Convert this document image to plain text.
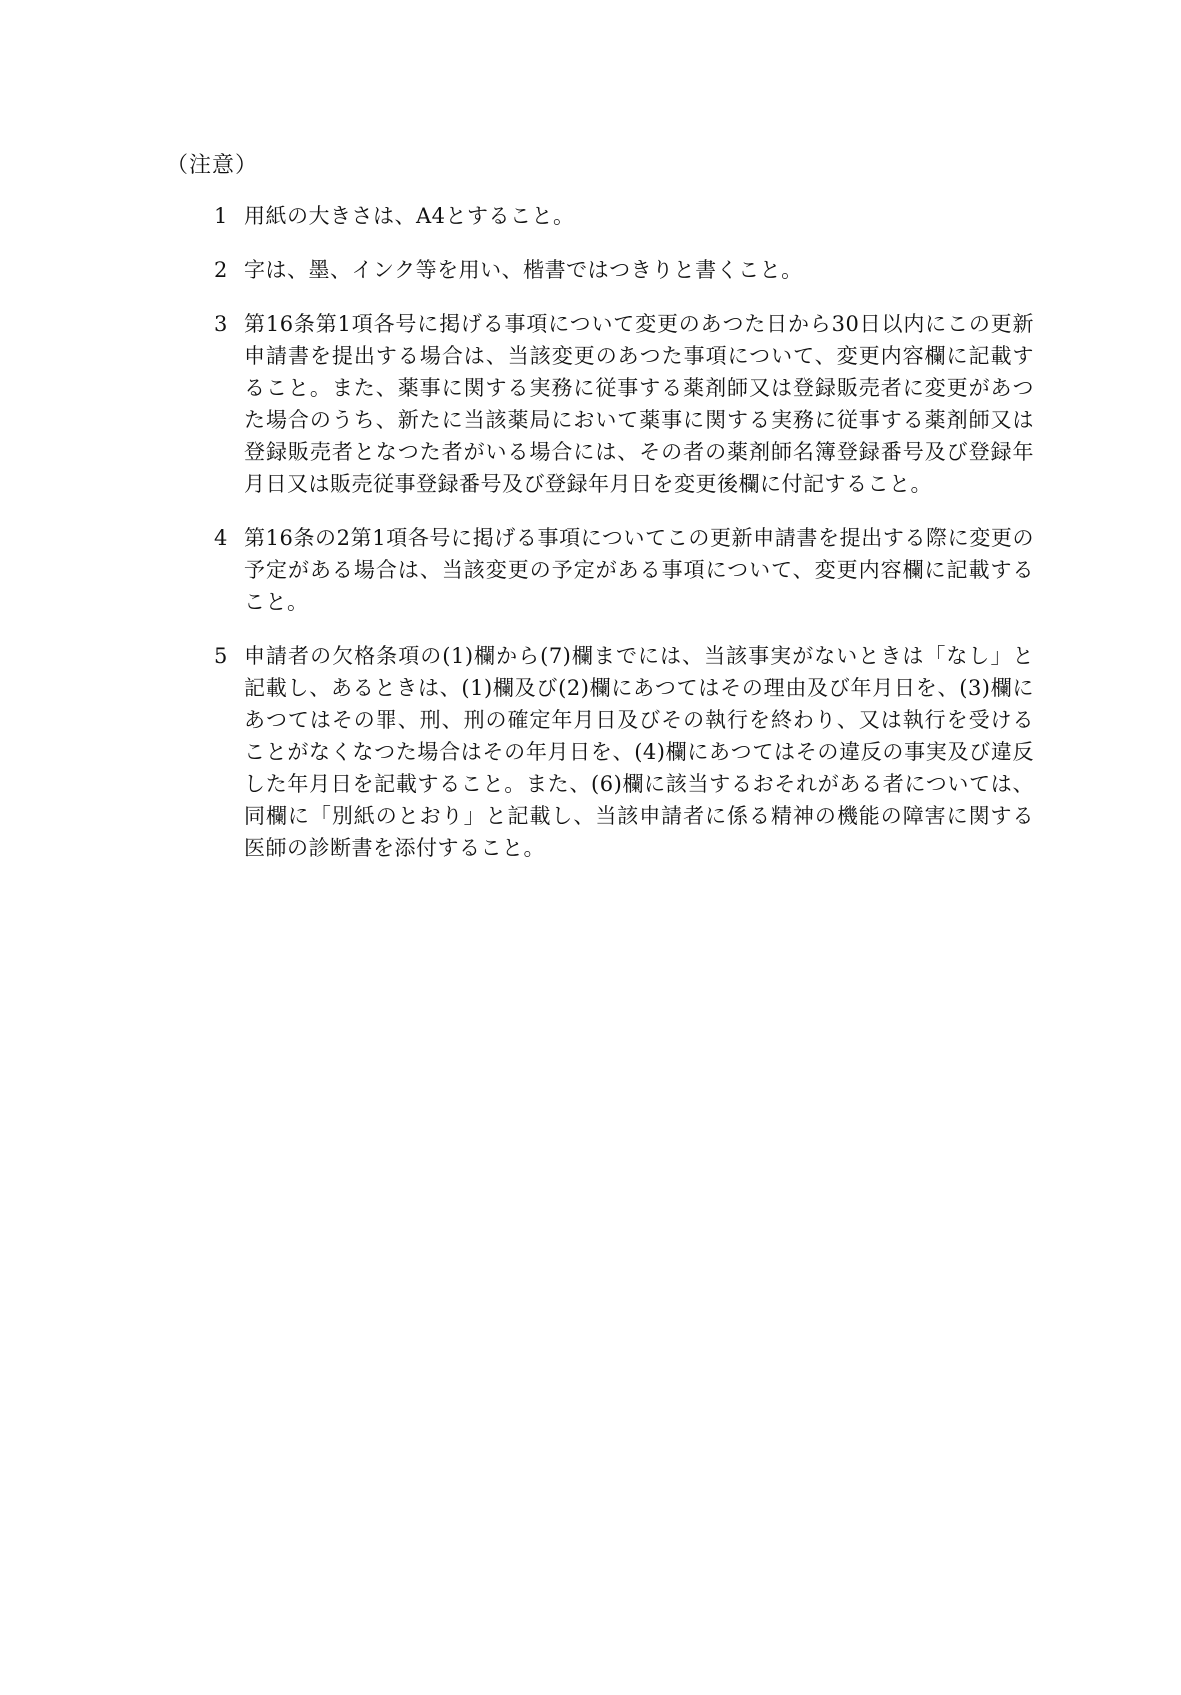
（注意）
1 用紙の大きさは、A4とすること。
2 字は、墨、インク等を用い、楷書ではつきりと書くこと。
3 第16条第1項各号に掲げる事項について変更のあつた日から30日以内にこの更新申請書を提出する場合は、当該変更のあつた事項について、変更内容欄に記載すること。また、薬事に関する実務に従事する薬剤師又は登録販売者に変更があつた場合のうち、新たに当該薬局において薬事に関する実務に従事する薬剤師又は登録販売者となつた者がいる場合には、その者の薬剤師名簿登録番号及び登録年月日又は販売従事登録番号及び登録年月日を変更後欄に付記すること。
4 第16条の2第1項各号に掲げる事項についてこの更新申請書を提出する際に変更の予定がある場合は、当該変更の予定がある事項について、変更内容欄に記載すること。
5 申請者の欠格条項の(1)欄から(7)欄までには、当該事実がないときは「なし」と記載し、あるときは、(1)欄及び(2)欄にあつてはその理由及び年月日を、(3)欄にあつてはその罪、刑、刑の確定年月日及びその執行を終わり、又は執行を受けることがなくなつた場合はその年月日を、(4)欄にあつてはその違反の事実及び違反した年月日を記載すること。また、(6)欄に該当するおそれがある者については、同欄に「別紙のとおり」と記載し、当該申請者に係る精神の機能の障害に関する医師の診断書を添付すること。
